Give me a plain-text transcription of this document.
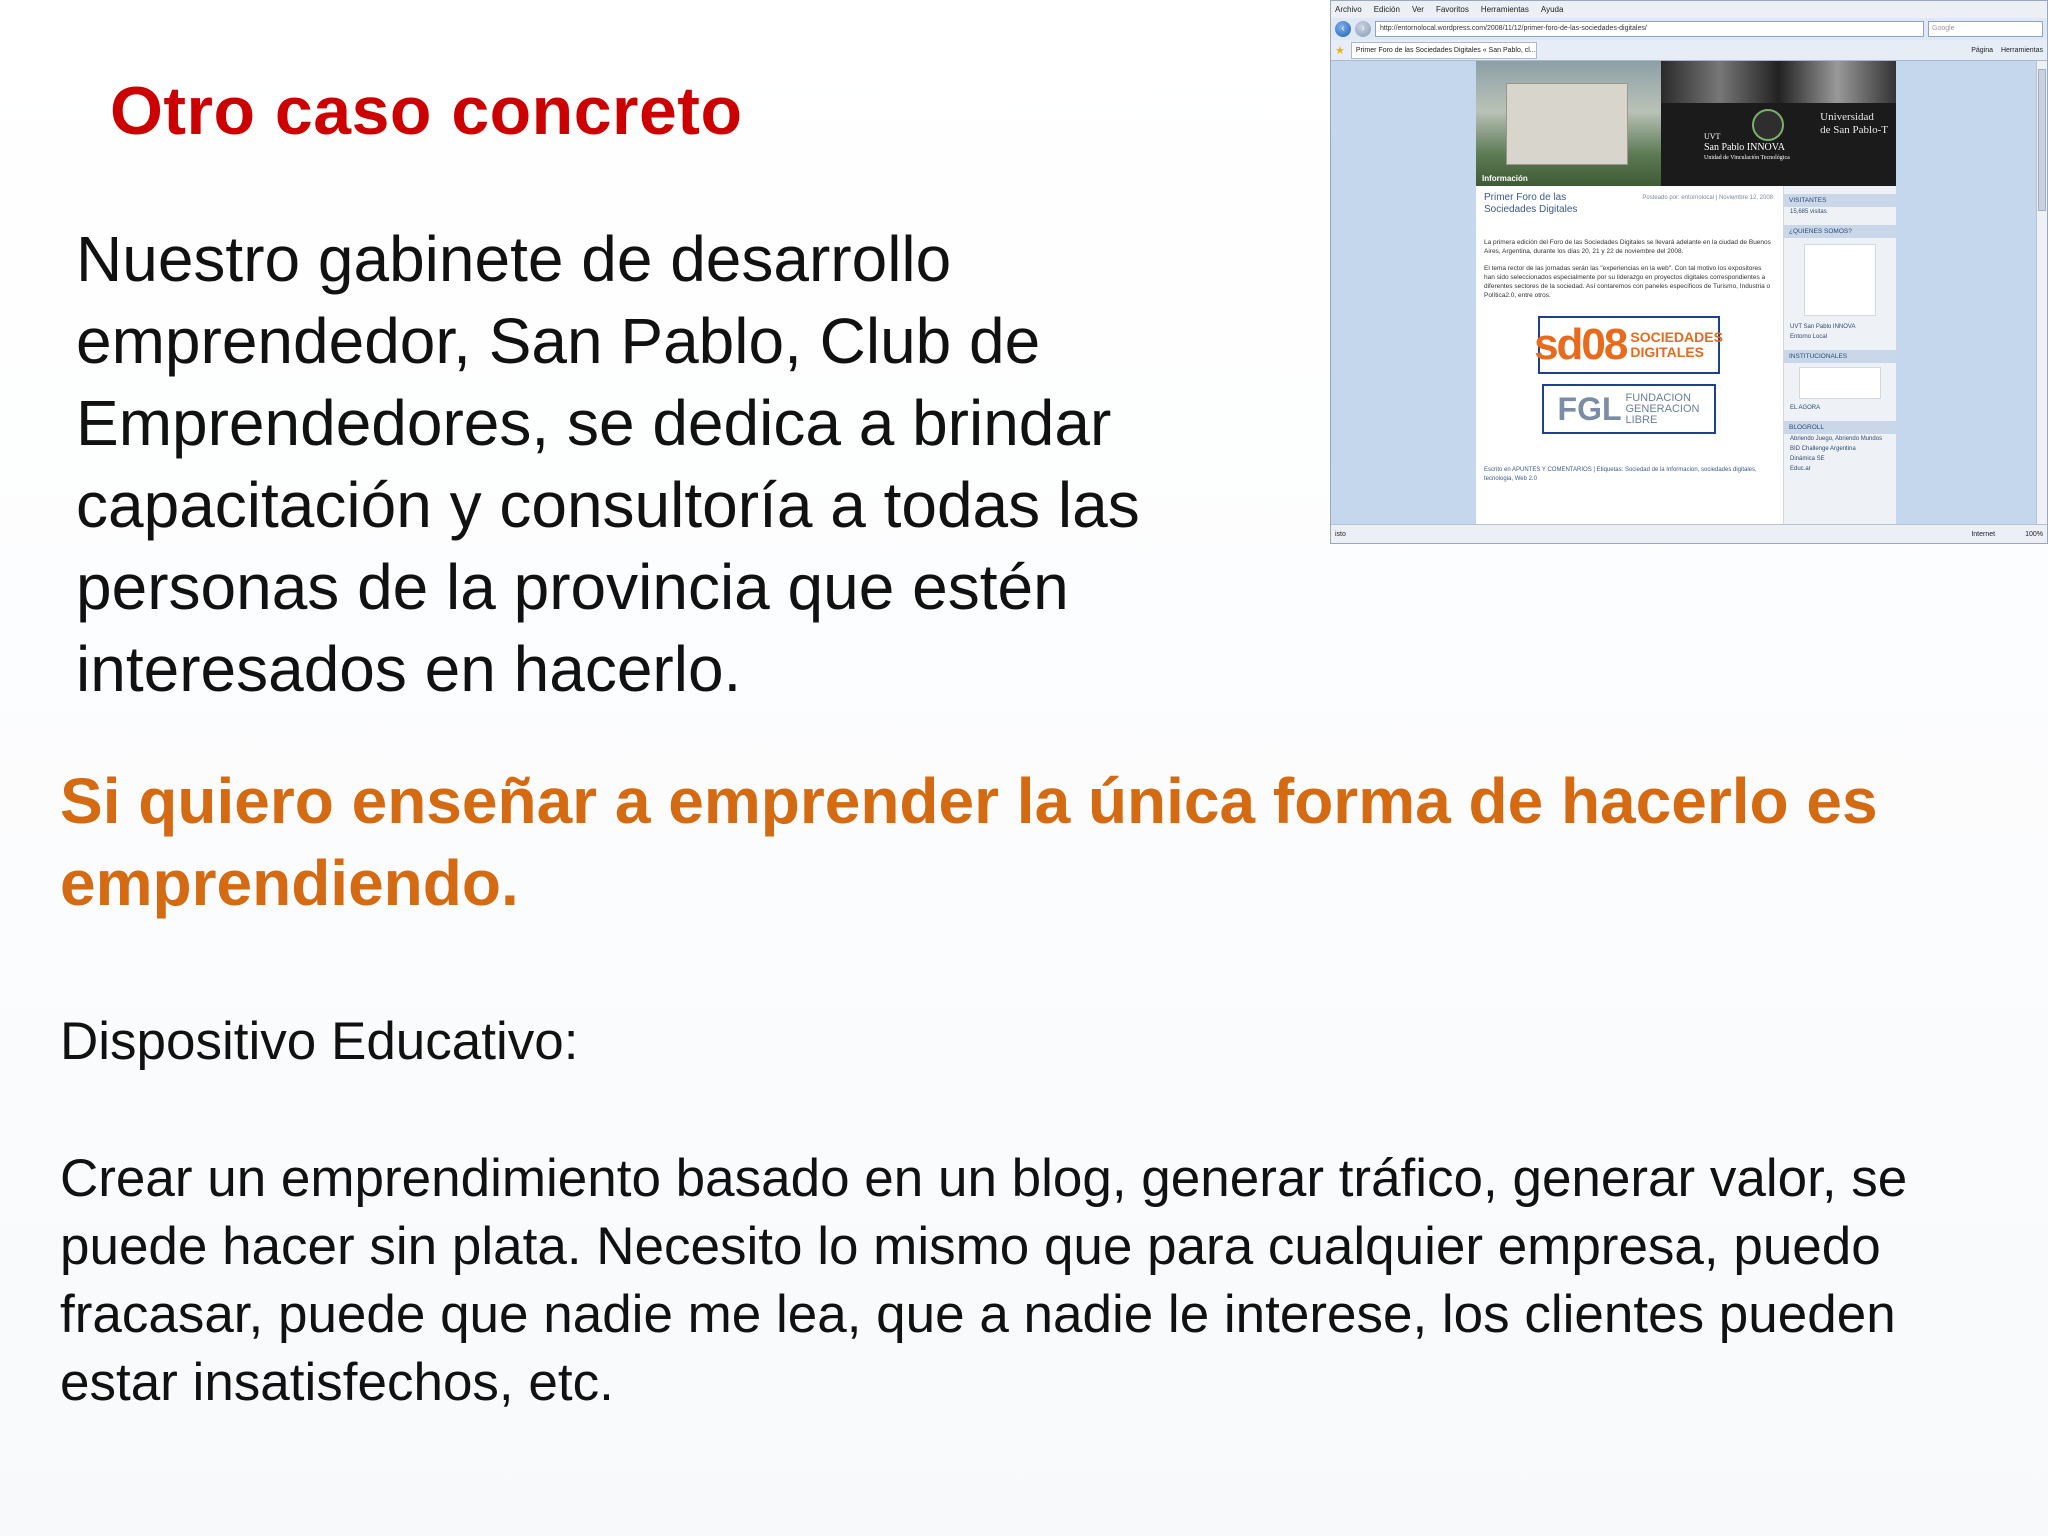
Otro caso concreto

Nuestro gabinete de desarrollo emprendedor, San Pablo, Club de Emprendedores, se dedica a brindar capacitación y consultoría a todas las personas de la provincia que estén interesados en hacerlo.

Si quiero enseñar a emprender la única forma de hacerlo es emprendiendo.

Dispositivo Educativo:

Crear un emprendimiento basado en un blog, generar tráfico, generar valor, se puede hacer sin plata. Necesito lo mismo que para cualquier empresa, puedo fracasar, puede que nadie me lea, que a nadie le interese, los clientes pueden estar insatisfechos, etc.

Archivo Edición Ver Favoritos Herramientas Ayuda
‹	›	http://entornolocal.wordpress.com/2008/11/12/primer-foro-de-las-sociedades-digitales/	Google
★	Primer Foro de las Sociedades Digitales « San Pablo, cl...	Página Herramientas
Información
UVT
San Pablo INNOVA
Unidad de Vinculación Tecnológica
Universidad
de San Pablo-T
Primer Foro de las Sociedades Digitales
Posteado por: entornolocal | Noviembre 12, 2008
La primera edición del Foro de las Sociedades Digitales se llevará adelante en la ciudad de Buenos Aires, Argentina, durante los días 20, 21 y 22 de noviembre del 2008.
El tema rector de las jornadas serán las "experiencias en la web". Con tal motivo los expositores han sido seleccionados especialmente por su liderazgo en proyectos digitales correspondientes a diferentes sectores de la sociedad. Así contaremos con paneles específicos de Turismo, Industria o Política2.0, entre otros.
sd08 SOCIEDADES
DIGITALES
FGL FUNDACION
GENERACION
LIBRE
Escrito en APUNTES Y COMENTARIOS | Etiquetas: Sociedad de la Informacion, sociedades digitales, tecnologia, Web 2.0
VISITANTES
15,685 visitas
¿QUIENES SOMOS?
UVT San Pablo INNOVA
Entorno Local
INSTITUCIONALES
EL AGORA
BLOGROLL
Abriendo Juego, Abriendo Mundos
BID Challenge Argentina
Dinámica SE
Educ.ar
isto	Internet	100%
